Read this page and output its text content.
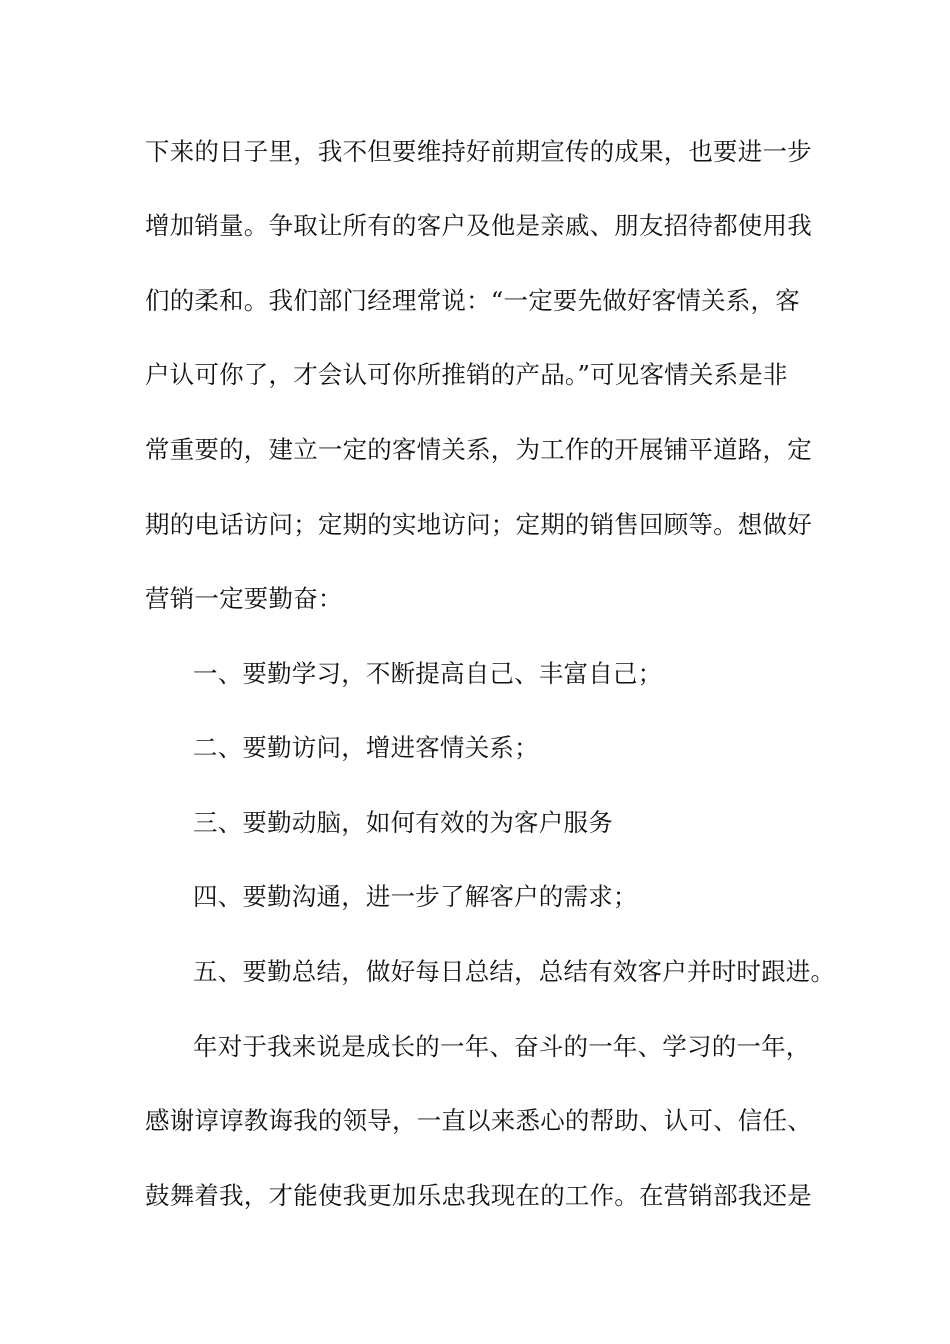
下来的日子里，我不但要维持好前期宣传的成果，也要进一步
增加销量。争取让所有的客户及他是亲戚、朋友招待都使用我
们的柔和。我们部门经理常说：“一定要先做好客情关系，客
户认可你了，才会认可你所推销的产品。”可见客情关系是非
常重要的，建立一定的客情关系，为工作的开展铺平道路，定
期的电话访问；定期的实地访问；定期的销售回顾等。想做好
营销一定要勤奋：
一、要勤学习，不断提高自己、丰富自己；
二、要勤访问，增进客情关系；
三、要勤动脑，如何有效的为客户服务
四、要勤沟通，进一步了解客户的需求；
五、要勤总结，做好每日总结，总结有效客户并时时跟进。
年对于我来说是成长的一年、奋斗的一年、学习的一年，
感谢谆谆教诲我的领导，一直以来悉心的帮助、认可、信任、
鼓舞着我，才能使我更加乐忠我现在的工作。在营销部我还是
